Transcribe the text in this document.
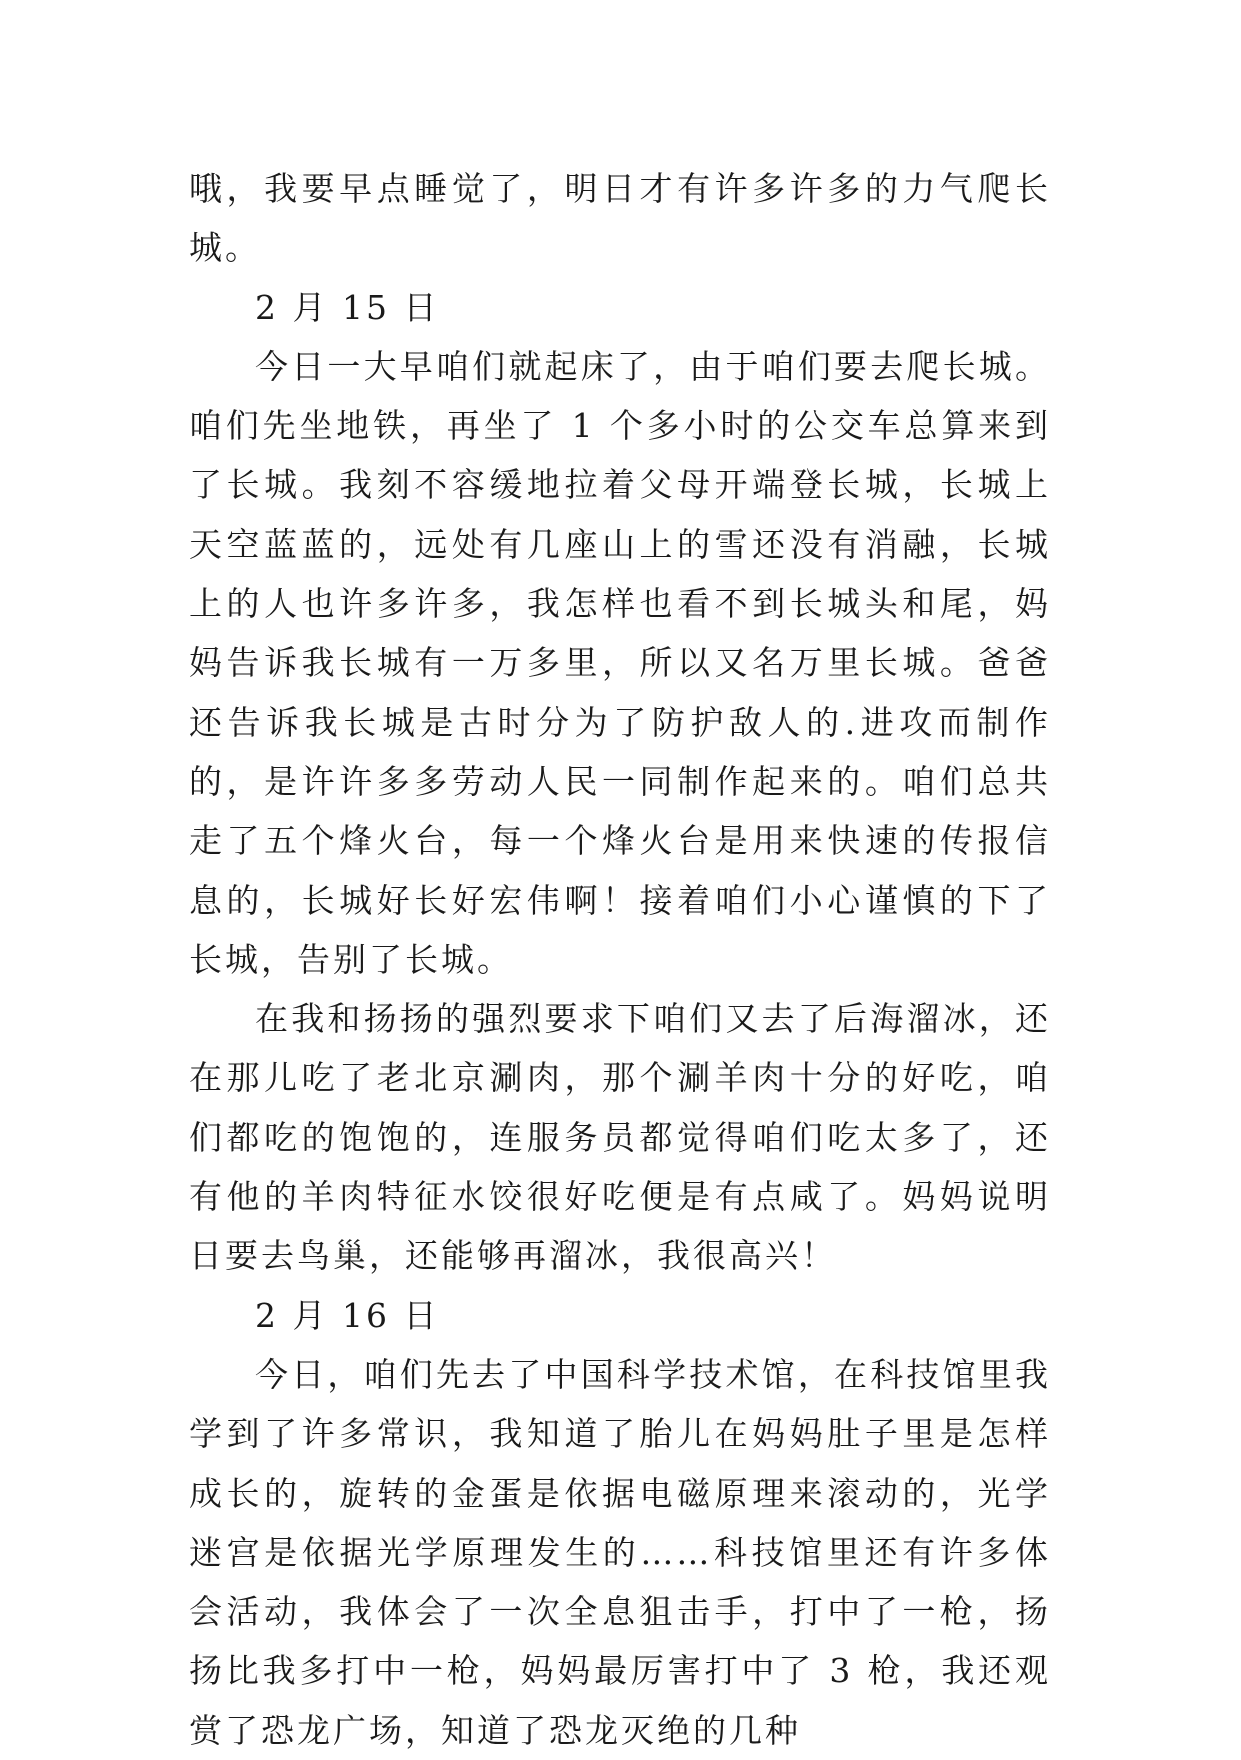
哦，我要早点睡觉了，明日才有许多许多的力气爬长城。

2 月 15 日

今日一大早咱们就起床了，由于咱们要去爬长城。咱们先坐地铁，再坐了 1 个多小时的公交车总算来到了长城。我刻不容缓地拉着父母开端登长城，长城上天空蓝蓝的，远处有几座山上的雪还没有消融，长城上的人也许多许多，我怎样也看不到长城头和尾，妈妈告诉我长城有一万多里，所以又名万里长城。爸爸还告诉我长城是古时分为了防护敌人的.进攻而制作的，是许许多多劳动人民一同制作起来的。咱们总共走了五个烽火台，每一个烽火台是用来快速的传报信息的，长城好长好宏伟啊！接着咱们小心谨慎的下了长城，告别了长城。

在我和扬扬的强烈要求下咱们又去了后海溜冰，还在那儿吃了老北京涮肉，那个涮羊肉十分的好吃，咱们都吃的饱饱的，连服务员都觉得咱们吃太多了，还有他的羊肉特征水饺很好吃便是有点咸了。妈妈说明日要去鸟巢，还能够再溜冰，我很高兴！

2 月 16 日

今日，咱们先去了中国科学技术馆，在科技馆里我学到了许多常识，我知道了胎儿在妈妈肚子里是怎样成长的，旋转的金蛋是依据电磁原理来滚动的，光学迷宫是依据光学原理发生的……科技馆里还有许多体会活动，我体会了一次全息狙击手，打中了一枪，扬扬比我多打中一枪，妈妈最厉害打中了 3 枪，我还观赏了恐龙广场，知道了恐龙灭绝的几种
